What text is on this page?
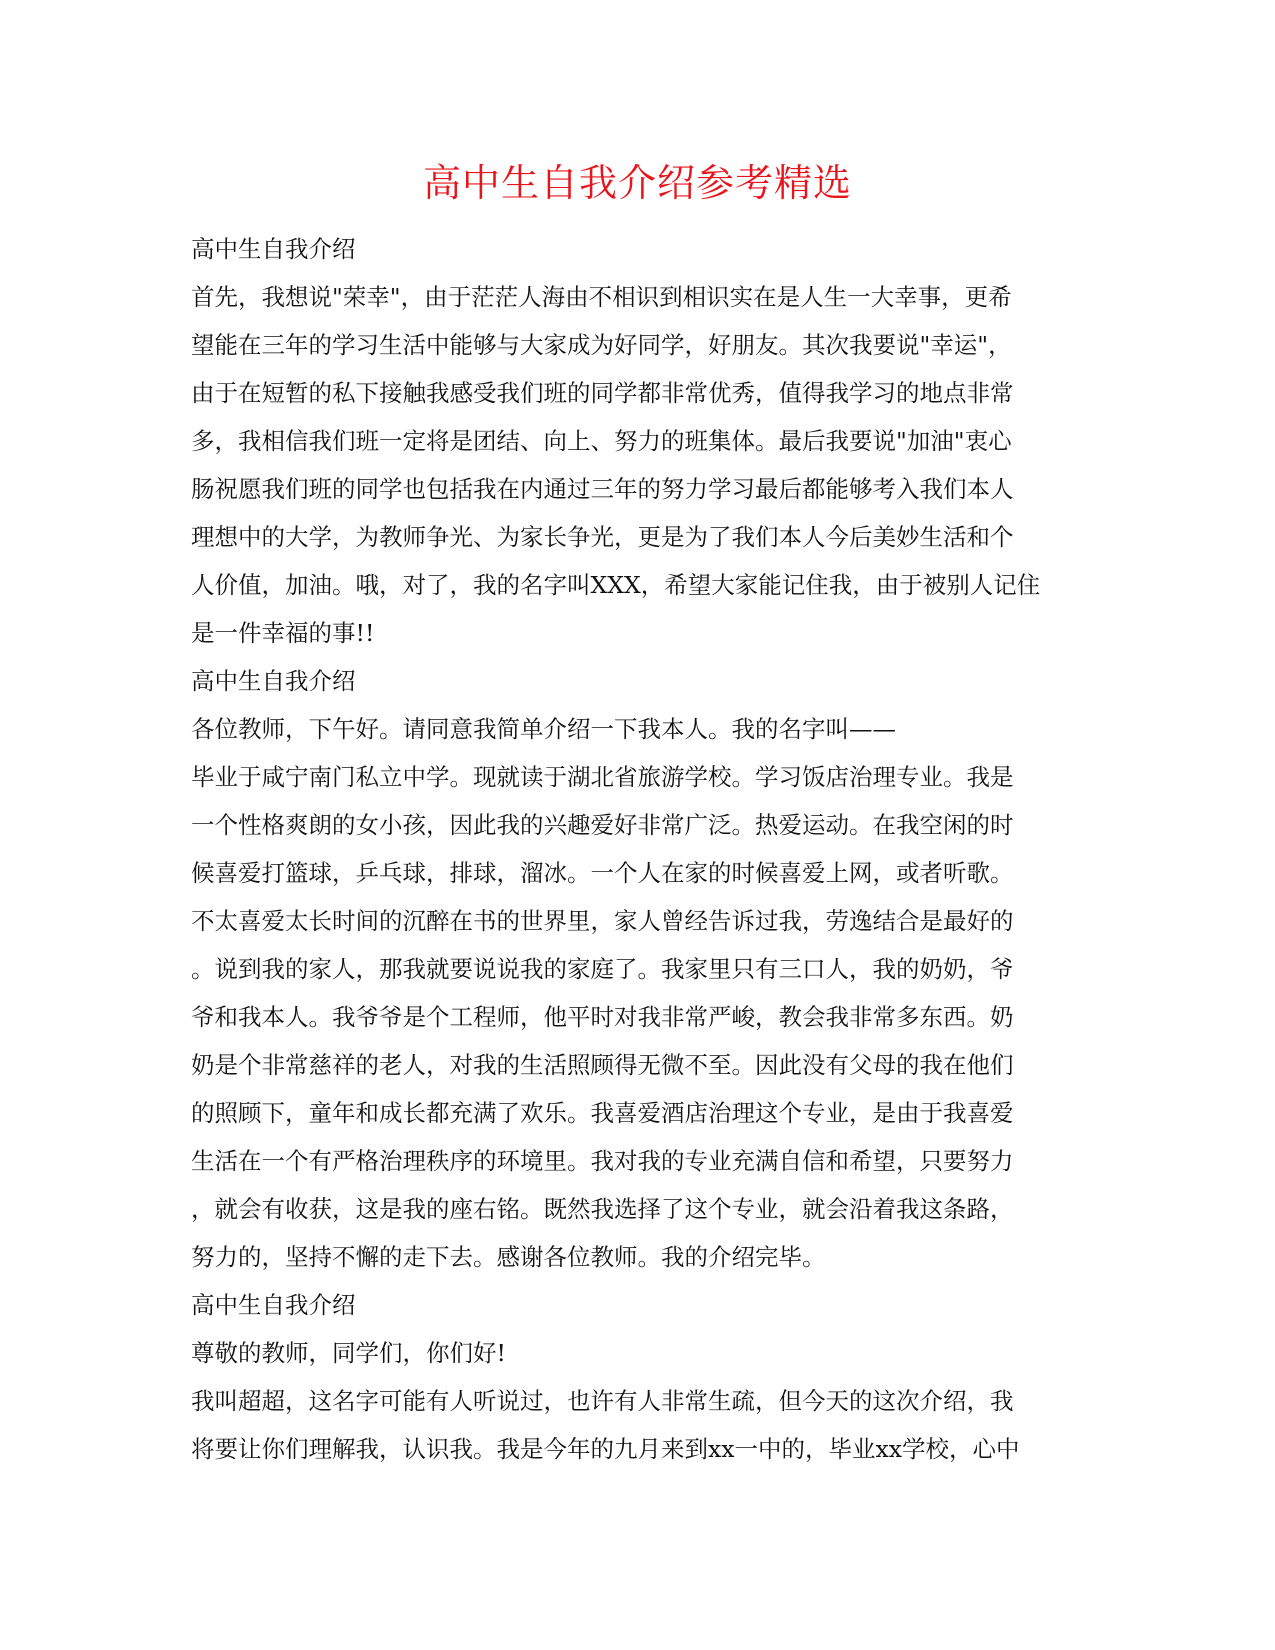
高中生自我介绍参考精选
高中生自我介绍
首先，我想说"荣幸"，由于茫茫人海由不相识到相识实在是人生一大幸事，更希
望能在三年的学习生活中能够与大家成为好同学，好朋友。其次我要说"幸运"，
由于在短暂的私下接触我感受我们班的同学都非常优秀，值得我学习的地点非常
多，我相信我们班一定将是团结、向上、努力的班集体。最后我要说"加油"衷心
肠祝愿我们班的同学也包括我在内通过三年的努力学习最后都能够考入我们本人
理想中的大学，为教师争光、为家长争光，更是为了我们本人今后美妙生活和个
人价值，加油。哦，对了，我的名字叫XXX，希望大家能记住我，由于被别人记住
是一件幸福的事!!
高中生自我介绍
各位教师，下午好。请同意我简单介绍一下我本人。我的名字叫——
毕业于咸宁南门私立中学。现就读于湖北省旅游学校。学习饭店治理专业。我是
一个性格爽朗的女小孩，因此我的兴趣爱好非常广泛。热爱运动。在我空闲的时
候喜爱打篮球，乒乓球，排球，溜冰。一个人在家的时候喜爱上网，或者听歌。
不太喜爱太长时间的沉醉在书的世界里，家人曾经告诉过我，劳逸结合是最好的
。说到我的家人，那我就要说说我的家庭了。我家里只有三口人，我的奶奶，爷
爷和我本人。我爷爷是个工程师，他平时对我非常严峻，教会我非常多东西。奶
奶是个非常慈祥的老人，对我的生活照顾得无微不至。因此没有父母的我在他们
的照顾下，童年和成长都充满了欢乐。我喜爱酒店治理这个专业，是由于我喜爱
生活在一个有严格治理秩序的环境里。我对我的专业充满自信和希望，只要努力
，就会有收获，这是我的座右铭。既然我选择了这个专业，就会沿着我这条路，
努力的，坚持不懈的走下去。感谢各位教师。我的介绍完毕。
高中生自我介绍
尊敬的教师，同学们，你们好!
我叫超超，这名字可能有人听说过，也许有人非常生疏，但今天的这次介绍，我
将要让你们理解我，认识我。我是今年的九月来到xx一中的，毕业xx学校，心中
